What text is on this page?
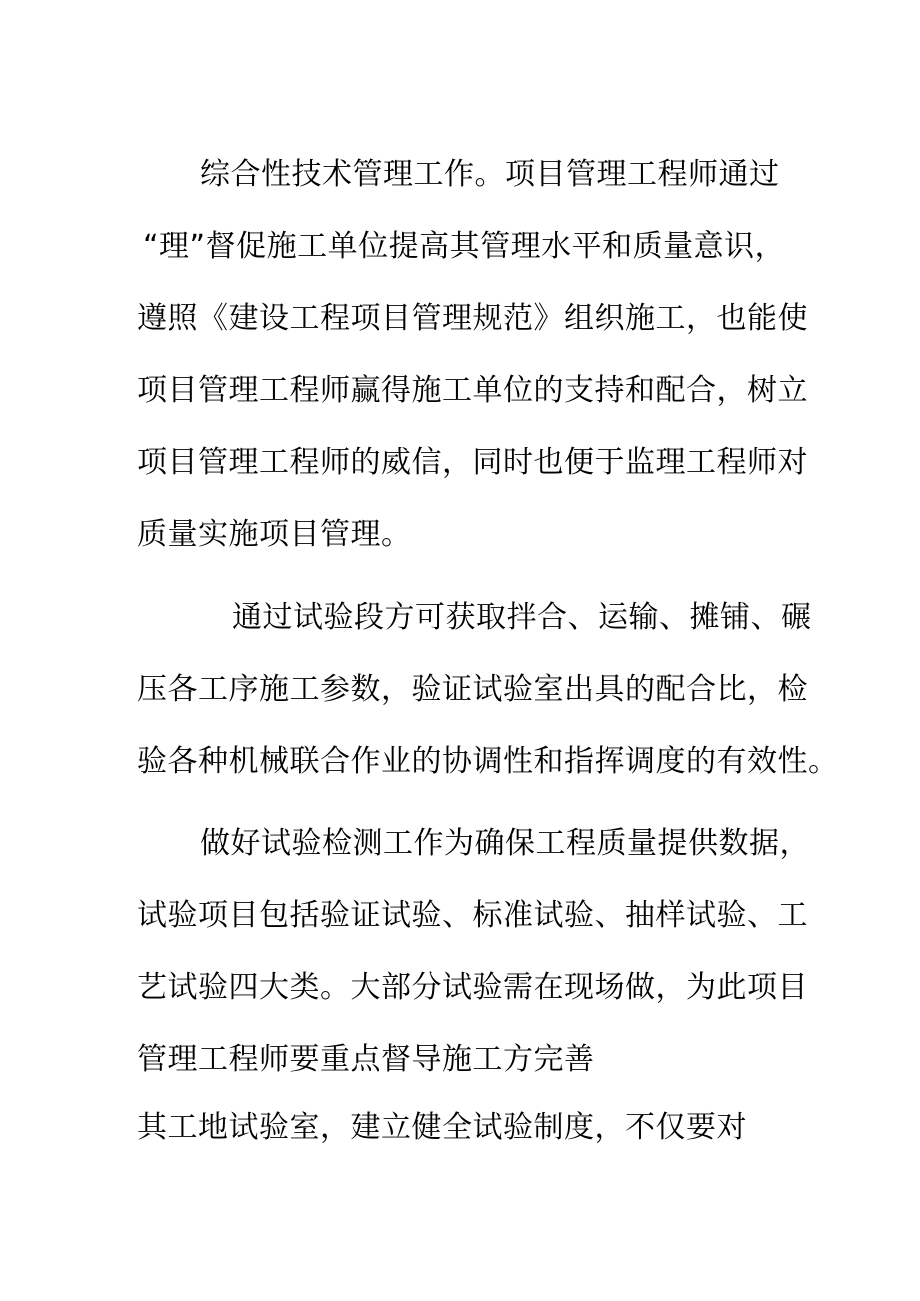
综合性技术管理工作。项目管理工程师通过
“理”督促施工单位提高其管理水平和质量意识，
遵照《建设工程项目管理规范》组织施工，也能使
项目管理工程师赢得施工单位的支持和配合，树立
项目管理工程师的威信，同时也便于监理工程师对
质量实施项目管理。
通过试验段方可获取拌合、运输、摊铺、碾
压各工序施工参数，验证试验室出具的配合比，检
验各种机械联合作业的协调性和指挥调度的有效性。
做好试验检测工作为确保工程质量提供数据，
试验项目包括验证试验、标准试验、抽样试验、工
艺试验四大类。大部分试验需在现场做，为此项目
管理工程师要重点督导施工方完善
其工地试验室，建立健全试验制度，不仅要对
